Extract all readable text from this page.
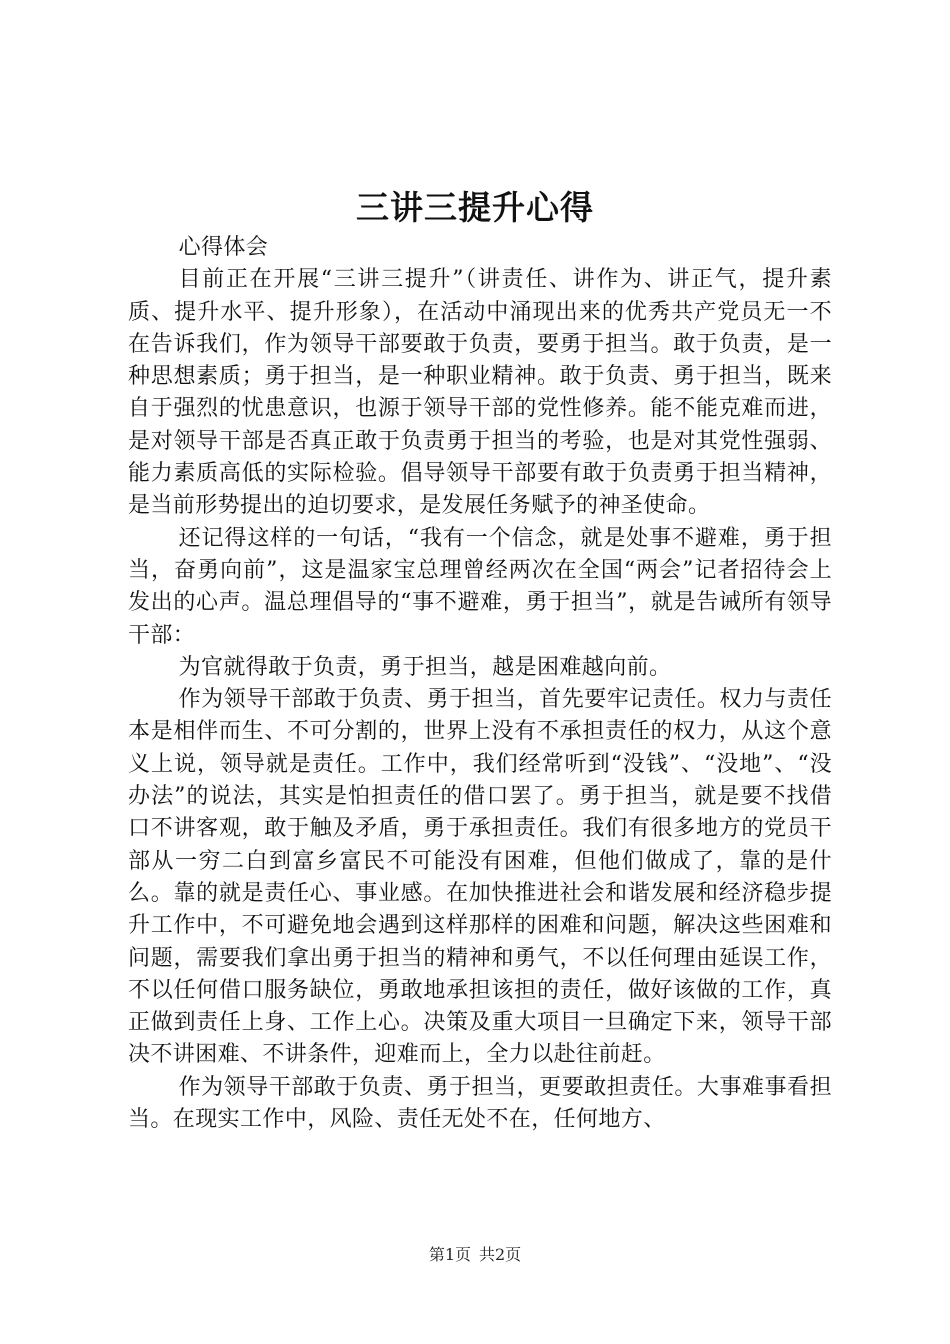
三讲三提升心得

心得体会

目前正在开展“三讲三提升”（讲责任、讲作为、讲正气，提升素质、提升水平、提升形象），在活动中涌现出来的优秀共产党员无一不在告诉我们，作为领导干部要敢于负责，要勇于担当。敢于负责，是一种思想素质；勇于担当，是一种职业精神。敢于负责、勇于担当，既来自于强烈的忧患意识，也源于领导干部的党性修养。能不能克难而进，是对领导干部是否真正敢于负责勇于担当的考验，也是对其党性强弱、能力素质高低的实际检验。倡导领导干部要有敢于负责勇于担当精神，是当前形势提出的迫切要求，是发展任务赋予的神圣使命。

还记得这样的一句话，“我有一个信念，就是处事不避难，勇于担当，奋勇向前”，这是温家宝总理曾经两次在全国“两会”记者招待会上发出的心声。温总理倡导的“事不避难，勇于担当”，就是告诫所有领导干部：

为官就得敢于负责，勇于担当，越是困难越向前。

作为领导干部敢于负责、勇于担当，首先要牢记责任。权力与责任本是相伴而生、不可分割的，世界上没有不承担责任的权力，从这个意义上说，领导就是责任。工作中，我们经常听到“没钱”、“没地”、“没办法”的说法，其实是怕担责任的借口罢了。勇于担当，就是要不找借口不讲客观，敢于触及矛盾，勇于承担责任。我们有很多地方的党员干部从一穷二白到富乡富民不可能没有困难，但他们做成了，靠的是什么。靠的就是责任心、事业感。在加快推进社会和谐发展和经济稳步提升工作中，不可避免地会遇到这样那样的困难和问题，解决这些困难和问题，需要我们拿出勇于担当的精神和勇气，不以任何理由延误工作，不以任何借口服务缺位，勇敢地承担该担的责任，做好该做的工作，真正做到责任上身、工作上心。决策及重大项目一旦确定下来，领导干部决不讲困难、不讲条件，迎难而上，全力以赴往前赶。

作为领导干部敢于负责、勇于担当，更要敢担责任。大事难事看担当。在现实工作中，风险、责任无处不在，任何地方、

第1页 共2页
